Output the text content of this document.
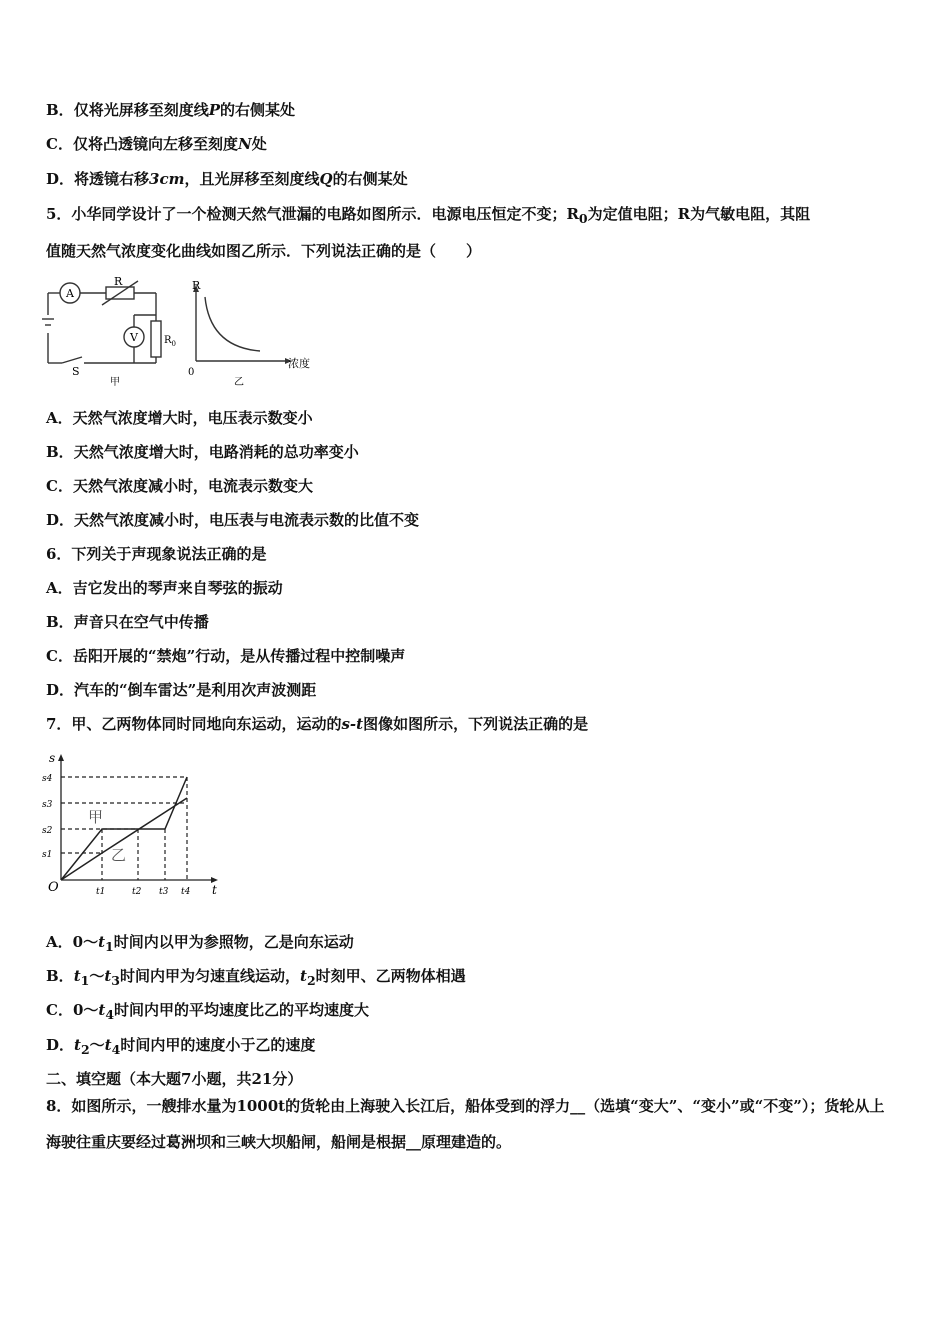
B．仅将光屏移至刻度线P的右侧某处
C．仅将凸透镜向左移至刻度N处
D．将透镜右移3cm，且光屏移至刻度线Q的右侧某处
5．小华同学设计了一个检测天然气泄漏的电路如图所示．电源电压恒定不变；$R_0$为定值电阻；R为气敏电阻，其阻
值随天然气浓度变化曲线如图乙所示．下列说法正确的是（　　）
A
V
R
$R_0$
S
甲
R
0
浓度
乙
A．天然气浓度增大时，电压表示数变小
B．天然气浓度增大时，电路消耗的总功率变小
C．天然气浓度减小时，电流表示数变大
D．天然气浓度减小时，电压表与电流表示数的比值不变
6．下列关于声现象说法正确的是
A．吉它发出的琴声来自琴弦的振动
B．声音只在空气中传播
C．岳阳开展的“禁炮”行动，是从传播过程中控制噪声
D．汽车的“倒车雷达”是利用次声波测距
7．甲、乙两物体同时同地向东运动，运动的s-t图像如图所示，下列说法正确的是
s
t
O
s4
s3
s2
s1
t1	t2 t3 t4
甲
乙
A．$0\sim t_1$时间内以甲为参照物，乙是向东运动
B．$t_1\sim t_3$时间内甲为匀速直线运动，$t_2$时刻甲、乙两物体相遇
C．$0\sim t_4$时间内甲的平均速度比乙的平均速度大
D．$t_2\sim t_4$时间内甲的速度小于乙的速度
二、填空题（本大题7小题，共21分）
8．如图所示，一艘排水量为1000t的货轮由上海驶入长江后，船体受到的浮力__（选填“变大”、“变小”或“不变”）；货轮从上海驶往重庆要经过葛洲坝和三峡大坝船闸，船闸是根据__原理建造的。
